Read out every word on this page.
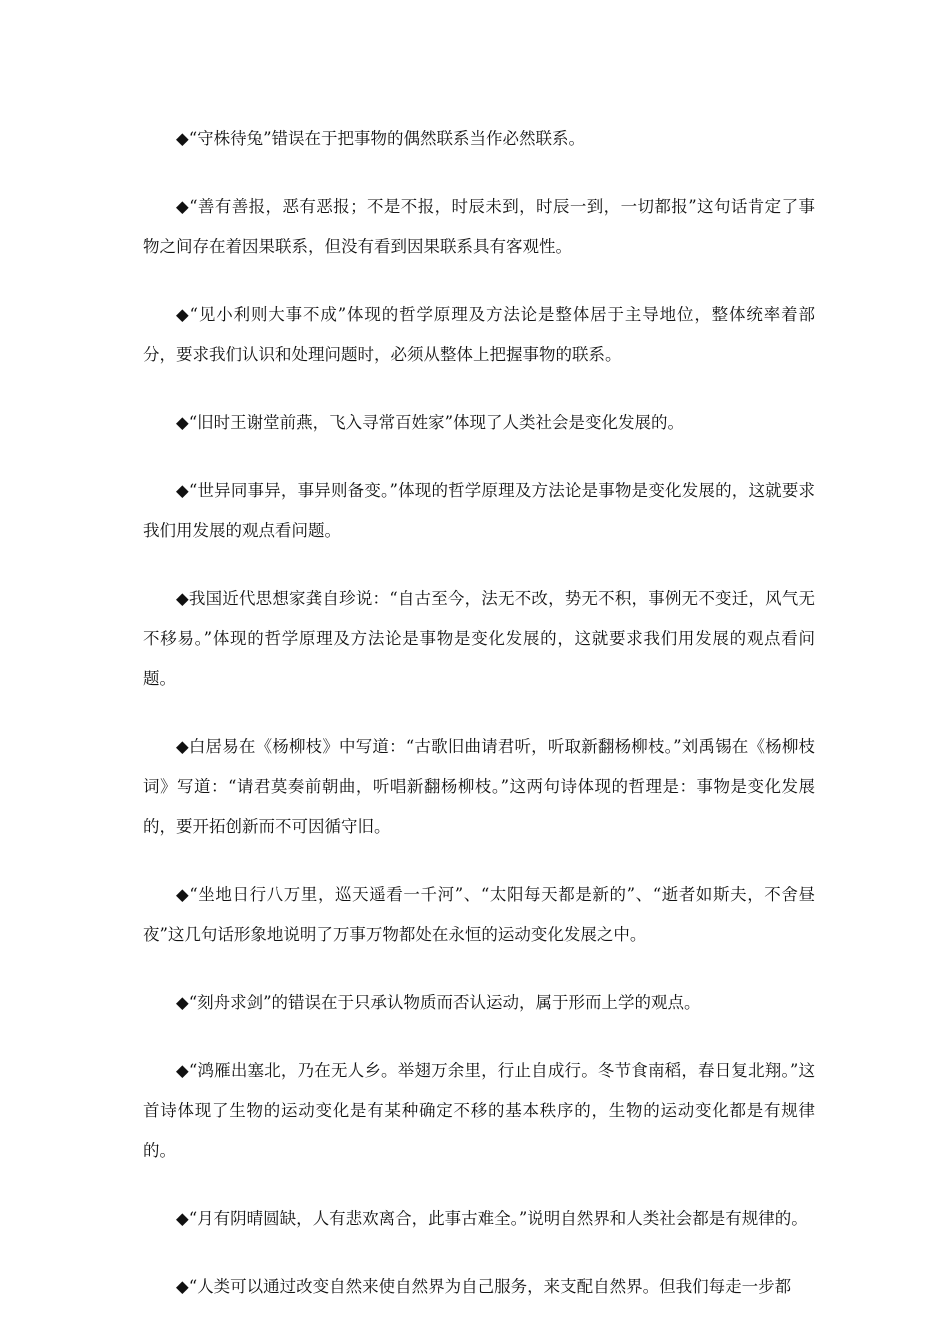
◆“守株待兔”错误在于把事物的偶然联系当作必然联系。

◆“善有善报，恶有恶报；不是不报，时辰未到，时辰一到，一切都报”这句话肯定了事物之间存在着因果联系，但没有看到因果联系具有客观性。

◆“见小利则大事不成”体现的哲学原理及方法论是整体居于主导地位，整体统率着部分，要求我们认识和处理问题时，必须从整体上把握事物的联系。

◆“旧时王谢堂前燕，飞入寻常百姓家”体现了人类社会是变化发展的。

◆“世异同事异，事异则备变。”体现的哲学原理及方法论是事物是变化发展的，这就要求我们用发展的观点看问题。

◆我国近代思想家龚自珍说：“自古至今，法无不改，势无不积，事例无不变迁，风气无不移易。”体现的哲学原理及方法论是事物是变化发展的，这就要求我们用发展的观点看问题。

◆白居易在《杨柳枝》中写道：“古歌旧曲请君听，听取新翻杨柳枝。”刘禹锡在《杨柳枝词》写道：“请君莫奏前朝曲，听唱新翻杨柳枝。”这两句诗体现的哲理是：事物是变化发展的，要开拓创新而不可因循守旧。

◆“坐地日行八万里，巡天遥看一千河”、“太阳每天都是新的”、“逝者如斯夫，不舍昼夜”这几句话形象地说明了万事万物都处在永恒的运动变化发展之中。

◆“刻舟求剑”的错误在于只承认物质而否认运动，属于形而上学的观点。

◆“鸿雁出塞北，乃在无人乡。举翅万余里，行止自成行。冬节食南稻，春日复北翔。”这首诗体现了生物的运动变化是有某种确定不移的基本秩序的，生物的运动变化都是有规律的。

◆“月有阴晴圆缺，人有悲欢离合，此事古难全。”说明自然界和人类社会都是有规律的。

◆“人类可以通过改变自然来使自然界为自己服务，来支配自然界。但我们每走一步都
